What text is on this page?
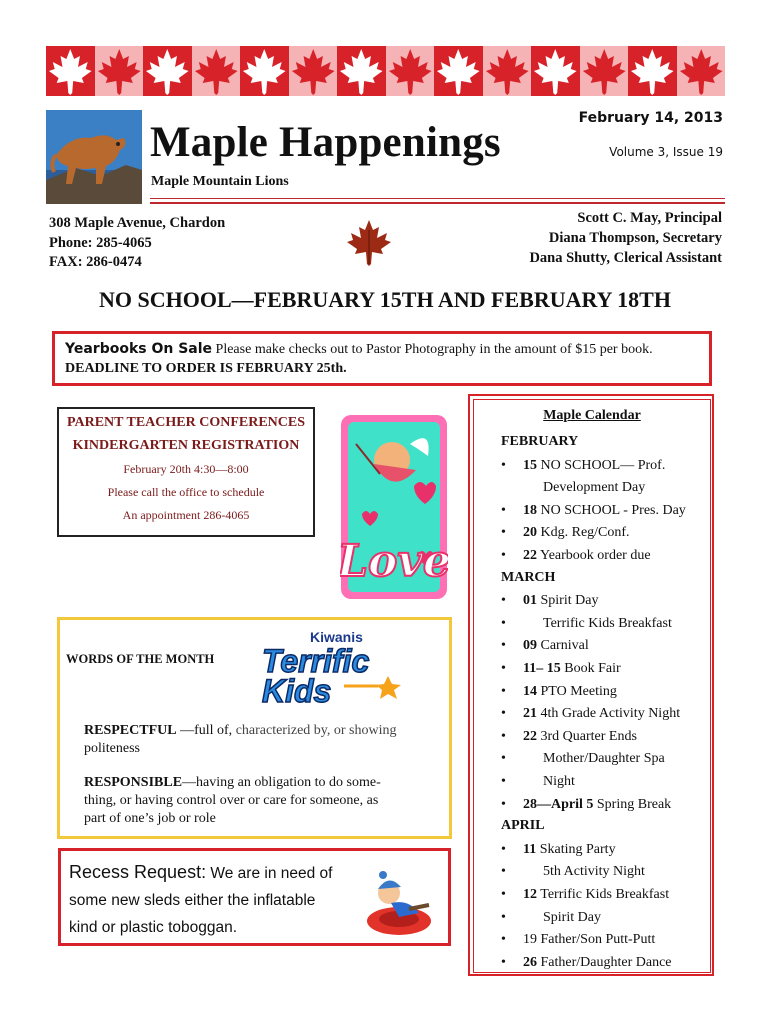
Maple Happenings
Maple Mountain Lions
February 14, 2013
Volume 3, Issue 19
308 Maple Avenue, Chardon
Phone: 285-4065
FAX: 286-0474
Scott C. May, Principal
Diana Thompson, Secretary
Dana Shutty, Clerical Assistant
NO SCHOOL—FEBRUARY 15TH AND FEBRUARY 18TH
Yearbooks On Sale Please make checks out to Pastor Photography in the amount of $15 per book. DEADLINE TO ORDER IS FEBRUARY 25th.
PARENT TEACHER CONFERENCES
KINDERGARTEN REGISTRATION
February 20th 4:30—8:00
Please call the office to schedule
An appointment 286-4065
Love
WORDS OF THE MONTH
Kiwanis
Terrific
Kids
RESPECTFUL —full of, characterized by, or showing
politeness
RESPONSIBLE—having an obligation to do some-
thing, or having control over or care for someone, as
part of one’s job or role
Recess Request: We are in need of
some new sleds either the inflatable
kind or plastic toboggan.
Maple Calendar
FEBRUARY
• 15 NO SCHOOL— Prof.
Development Day
• 18 NO SCHOOL - Pres. Day
• 20 Kdg. Reg/Conf.
• 22 Yearbook order due
MARCH
• 01 Spirit Day
•	Terrific Kids Breakfast
• 09 Carnival
• 11– 15 Book Fair
• 14 PTO Meeting
• 21 4th Grade Activity Night
• 22 3rd Quarter Ends
•	Mother/Daughter Spa
•	Night
• 28—April 5 Spring Break
APRIL
• 11 Skating Party
•	5th Activity Night
• 12 Terrific Kids Breakfast
•	Spirit Day
• 19 Father/Son Putt-Putt
• 26 Father/Daughter Dance
